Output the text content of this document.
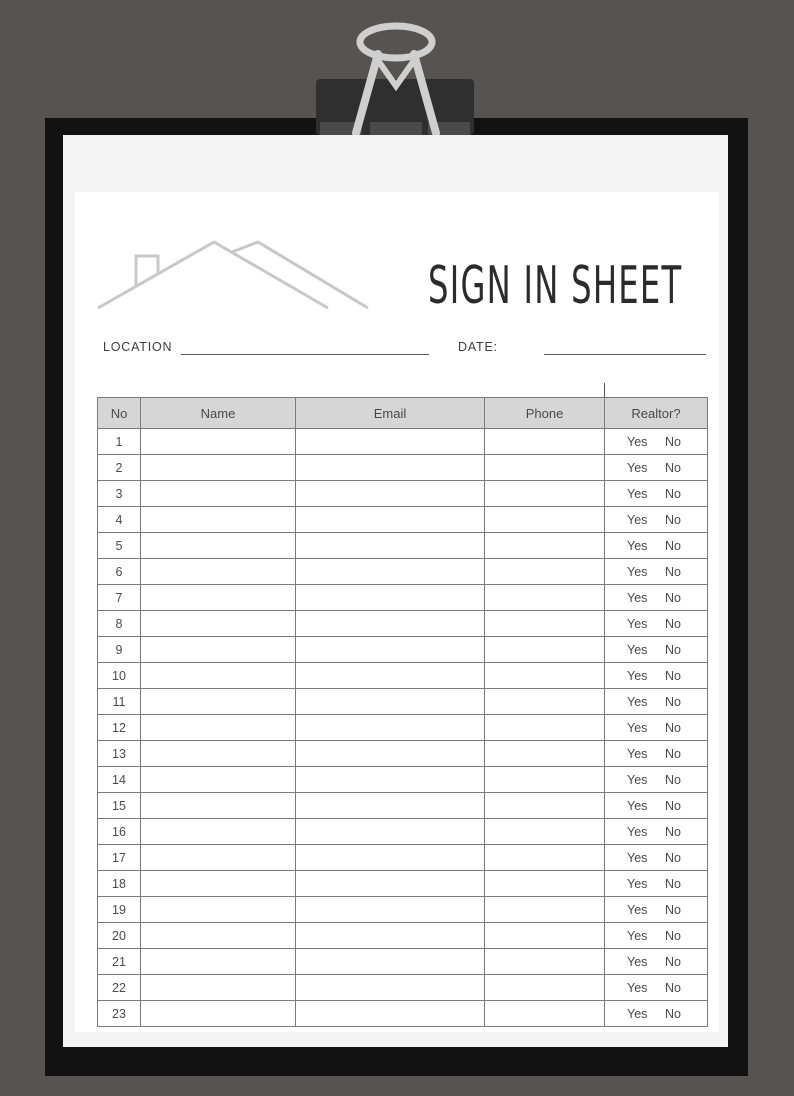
SIGN IN SHEET
LOCATION	DATE:
No	Name	Email	Phone	Realtor?
1				Yes No
2				Yes No
3				Yes No
4				Yes No
5				Yes No
6				Yes No
7				Yes No
8				Yes No
9				Yes No
10				Yes No
11				Yes No
12				Yes No
13				Yes No
14				Yes No
15				Yes No
16				Yes No
17				Yes No
18				Yes No
19				Yes No
20				Yes No
21				Yes No
22				Yes No
23				Yes No
